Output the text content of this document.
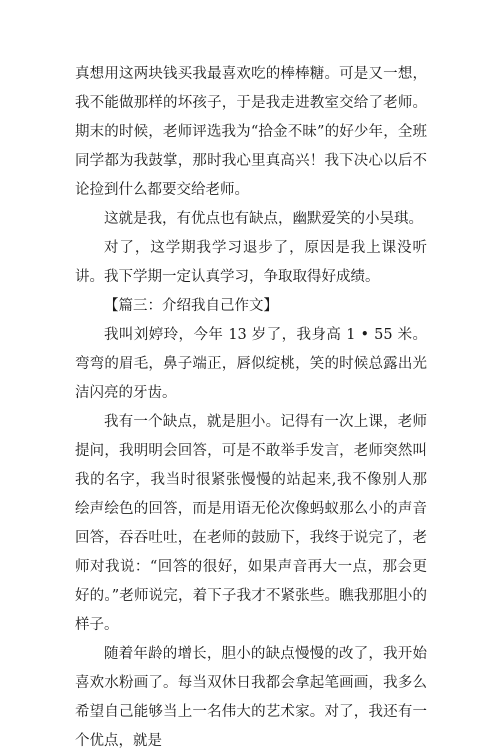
真想用这两块钱买我最喜欢吃的棒棒糖。可是又一想，我不能做那样的坏孩子，于是我走进教室交给了老师。期末的时候，老师评选我为“拾金不昧”的好少年，全班同学都为我鼓掌，那时我心里真高兴！我下决心以后不论捡到什么都要交给老师。

这就是我，有优点也有缺点，幽默爱笑的小吴琪。

对了，这学期我学习退步了，原因是我上课没听讲。我下学期一定认真学习，争取取得好成绩。

【篇三：介绍我自己作文】

我叫刘婷玲，今年 13 岁了，我身高 1 • 55 米。弯弯的眉毛，鼻子端正，唇似绽桃，笑的时候总露出光洁闪亮的牙齿。

我有一个缺点，就是胆小。记得有一次上课，老师提问，我明明会回答，可是不敢举手发言，老师突然叫我的名字，我当时很紧张慢慢的站起来,我不像别人那绘声绘色的回答，而是用语无伦次像蚂蚁那么小的声音回答，吞吞吐吐，在老师的鼓励下，我终于说完了，老师对我说：“回答的很好，如果声音再大一点，那会更好的。”老师说完，着下子我才不紧张些。瞧我那胆小的样子。

随着年龄的增长，胆小的缺点慢慢的改了，我开始喜欢水粉画了。每当双休日我都会拿起笔画画，我多么希望自己能够当上一名伟大的艺术家。对了，我还有一个优点，就是
